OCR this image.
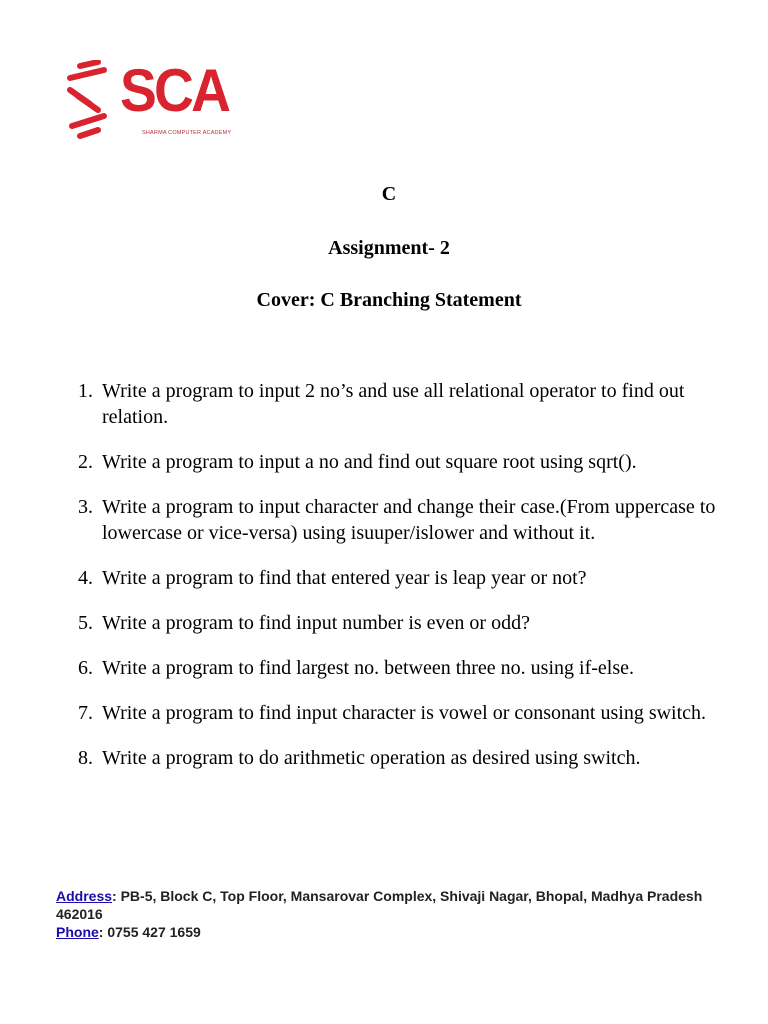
SCA
SHARMA COMPUTER ACADEMY
C
Assignment- 2
Cover: C Branching Statement
1. Write a program to input 2 no’s and use all relational operator to find out relation.
2. Write a program to input a no and find out square root using sqrt().
3. Write a program to input character and change their case.(From uppercase to lowercase or vice-versa) using isuuper/islower and without it.
4. Write a program to find that entered year is leap year or not?
5. Write a program to find input number is even or odd?
6. Write a program to find largest no. between three no. using if-else.
7. Write a program to find input character is vowel or consonant using switch.
8. Write a program to do arithmetic operation as desired using switch.
Address: PB-5, Block C, Top Floor, Mansarovar Complex, Shivaji Nagar, Bhopal, Madhya Pradesh 462016
Phone: 0755 427 1659
